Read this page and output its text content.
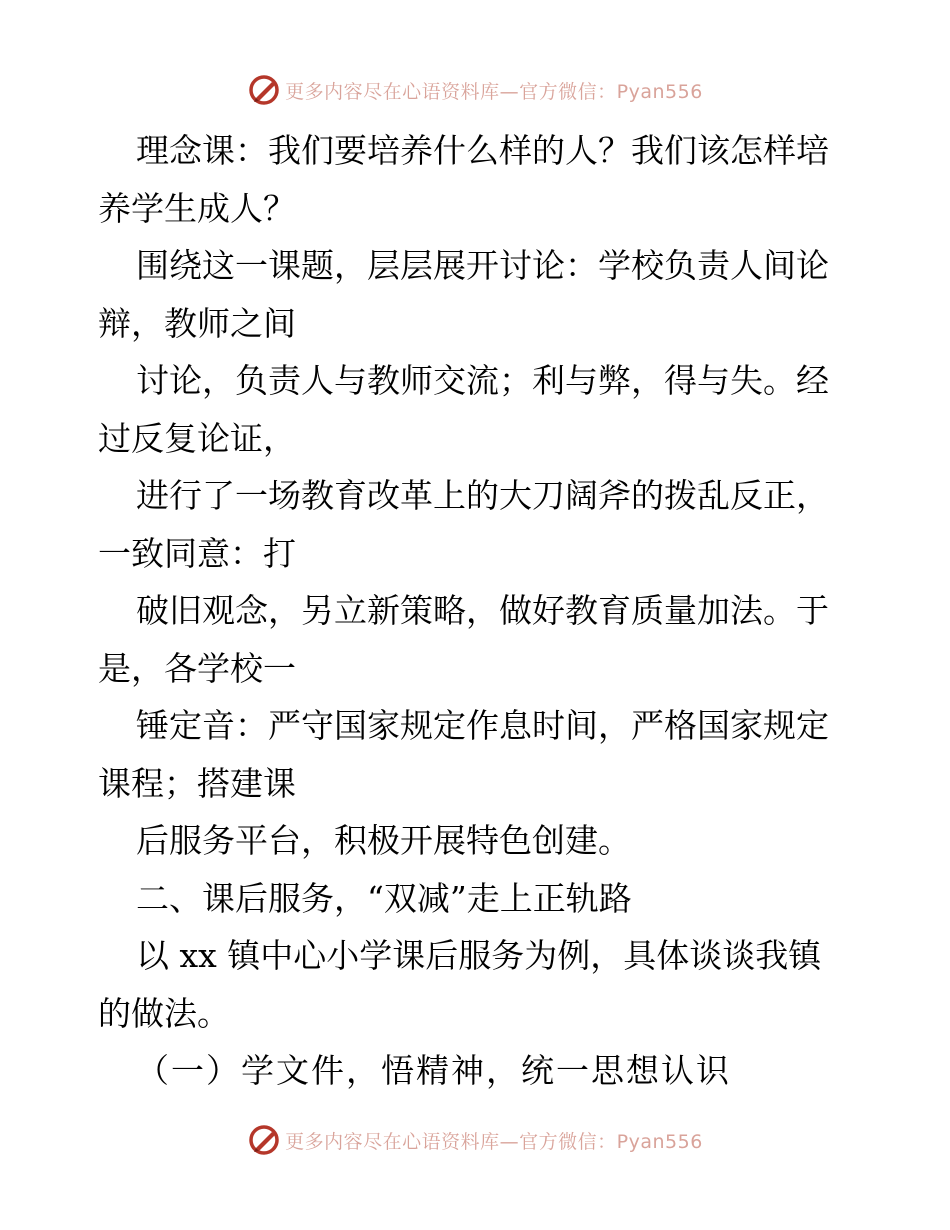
更多内容尽在心语资料库—官方微信：Pyan556
理念课：我们要培养什么样的人？我们该怎样培
养学生成人？
围绕这一课题，层层展开讨论：学校负责人间论
辩，教师之间
讨论，负责人与教师交流；利与弊，得与失。经
过反复论证，
进行了一场教育改革上的大刀阔斧的拨乱反正，
一致同意：打
破旧观念，另立新策略，做好教育质量加法。于
是，各学校一
锤定音：严守国家规定作息时间，严格国家规定
课程；搭建课
后服务平台，积极开展特色创建。
二、课后服务，“双减”走上正轨路
以 xx 镇中心小学课后服务为例，具体谈谈我镇
的做法。
（一）学文件，悟精神，统一思想认识
更多内容尽在心语资料库—官方微信：Pyan556
